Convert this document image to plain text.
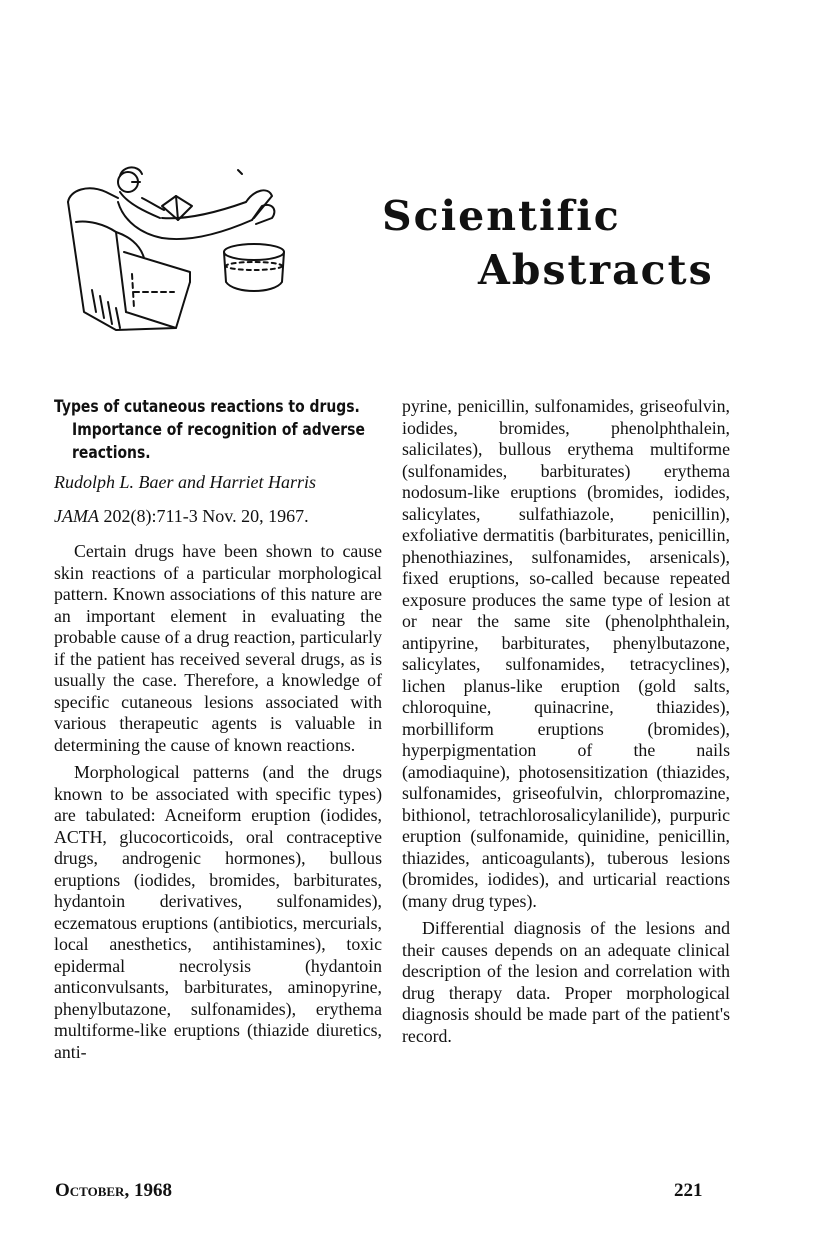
Scientific
Abstracts
Types of cutaneous reactions to drugs. Importance of recognition of adverse reactions.
Rudolph L. Baer and Harriet Harris
JAMA 202(8):711-3 Nov. 20, 1967.

Certain drugs have been shown to cause skin reactions of a particular morphological pattern. Known associations of this nature are an important element in evaluating the probable cause of a drug reaction, particularly if the patient has received several drugs, as is usually the case. Therefore, a knowledge of specific cutaneous lesions associated with various therapeutic agents is valuable in determining the cause of known reactions.

Morphological patterns (and the drugs known to be associated with specific types) are tabulated: Acneiform eruption (iodides, ACTH, glucocorticoids, oral contraceptive drugs, androgenic hormones), bullous eruptions (iodides, bromides, barbiturates, hydantoin derivatives, sulfonamides), eczematous eruptions (antibiotics, mercurials, local anesthetics, antihistamines), toxic epidermal necrolysis (hydantoin anticonvulsants, barbiturates, aminopyrine, phenylbutazone, sulfonamides), erythema multiforme-like eruptions (thiazide diuretics, anti-

pyrine, penicillin, sulfonamides, griseofulvin, iodides, bromides, phenolphthalein, salicilates), bullous erythema multiforme (sulfonamides, barbiturates) erythema nodosum-like eruptions (bromides, iodides, salicylates, sulfathiazole, penicillin), exfoliative dermatitis (barbiturates, penicillin, phenothiazines, sulfonamides, arsenicals), fixed eruptions, so-called because repeated exposure produces the same type of lesion at or near the same site (phenolphthalein, antipyrine, barbiturates, phenylbutazone, salicylates, sulfonamides, tetracyclines), lichen planus-like eruption (gold salts, chloroquine, quinacrine, thiazides), morbilliform eruptions (bromides), hyperpigmentation of the nails (amodiaquine), photosensitization (thiazides, sulfonamides, griseofulvin, chlorpromazine, bithionol, tetrachlorosalicylanilide), purpuric eruption (sulfonamide, quinidine, penicillin, thiazides, anticoagulants), tuberous lesions (bromides, iodides), and urticarial reactions (many drug types).

Differential diagnosis of the lesions and their causes depends on an adequate clinical description of the lesion and correlation with drug therapy data. Proper morphological diagnosis should be made part of the patient's record.

October, 1968	221
